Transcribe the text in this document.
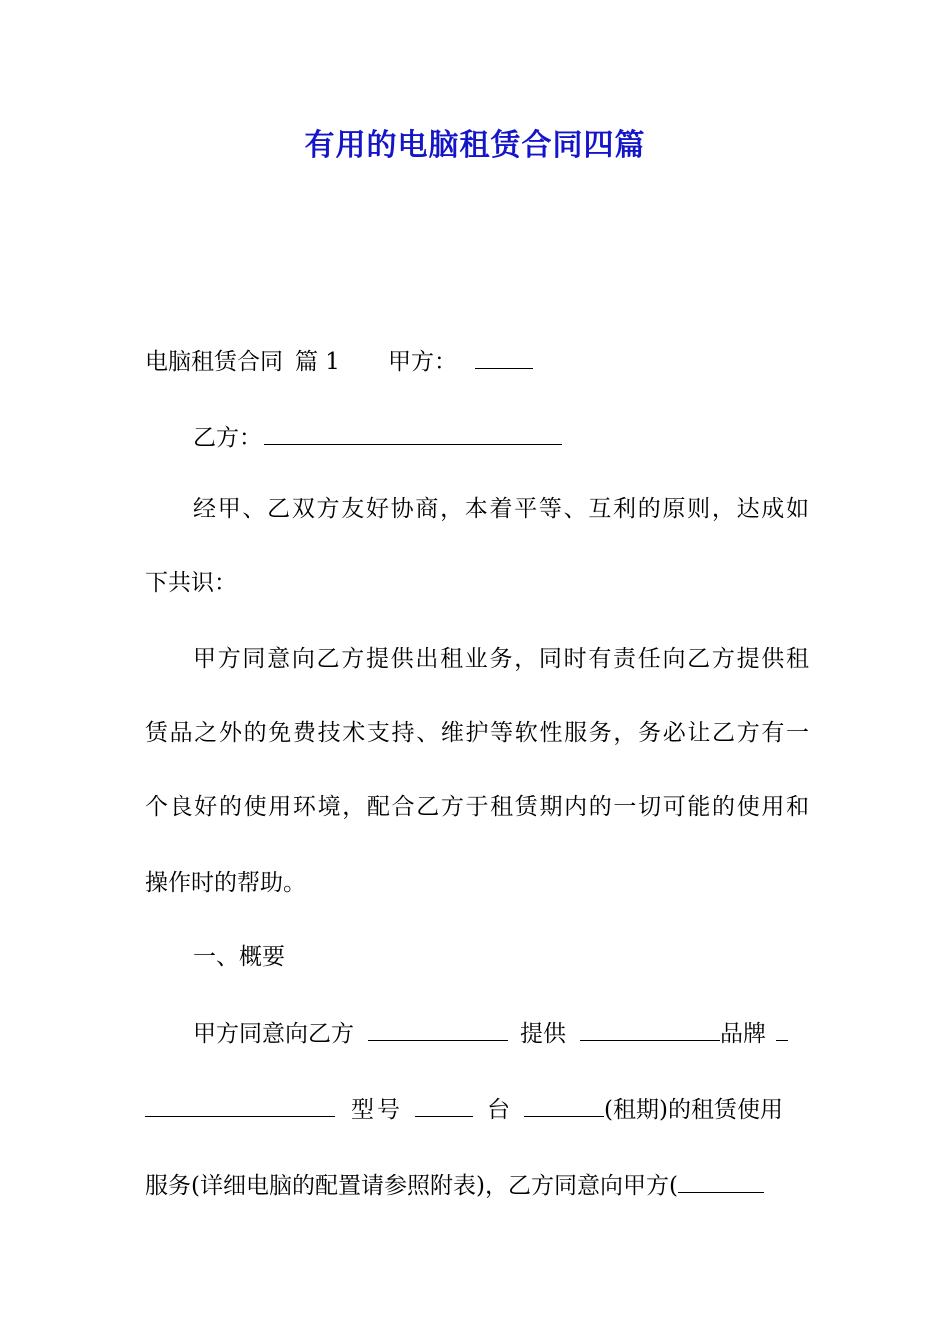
有用的电脑租赁合同四篇
电脑租赁合同 篇 1 甲方：
乙方：
经甲、乙双方友好协商，本着平等、互利的原则，达成如
下共识：
甲方同意向乙方提供出租业务，同时有责任向乙方提供租
赁品之外的免费技术支持、维护等软性服务，务必让乙方有一
个良好的使用环境，配合乙方于租赁期内的一切可能的使用和
操作时的帮助。
一、概要
甲方同意向乙方	提供	品牌
型号	台	(租期)的租赁使用
服务(详细电脑的配置请参照附表)，乙方同意向甲方(
